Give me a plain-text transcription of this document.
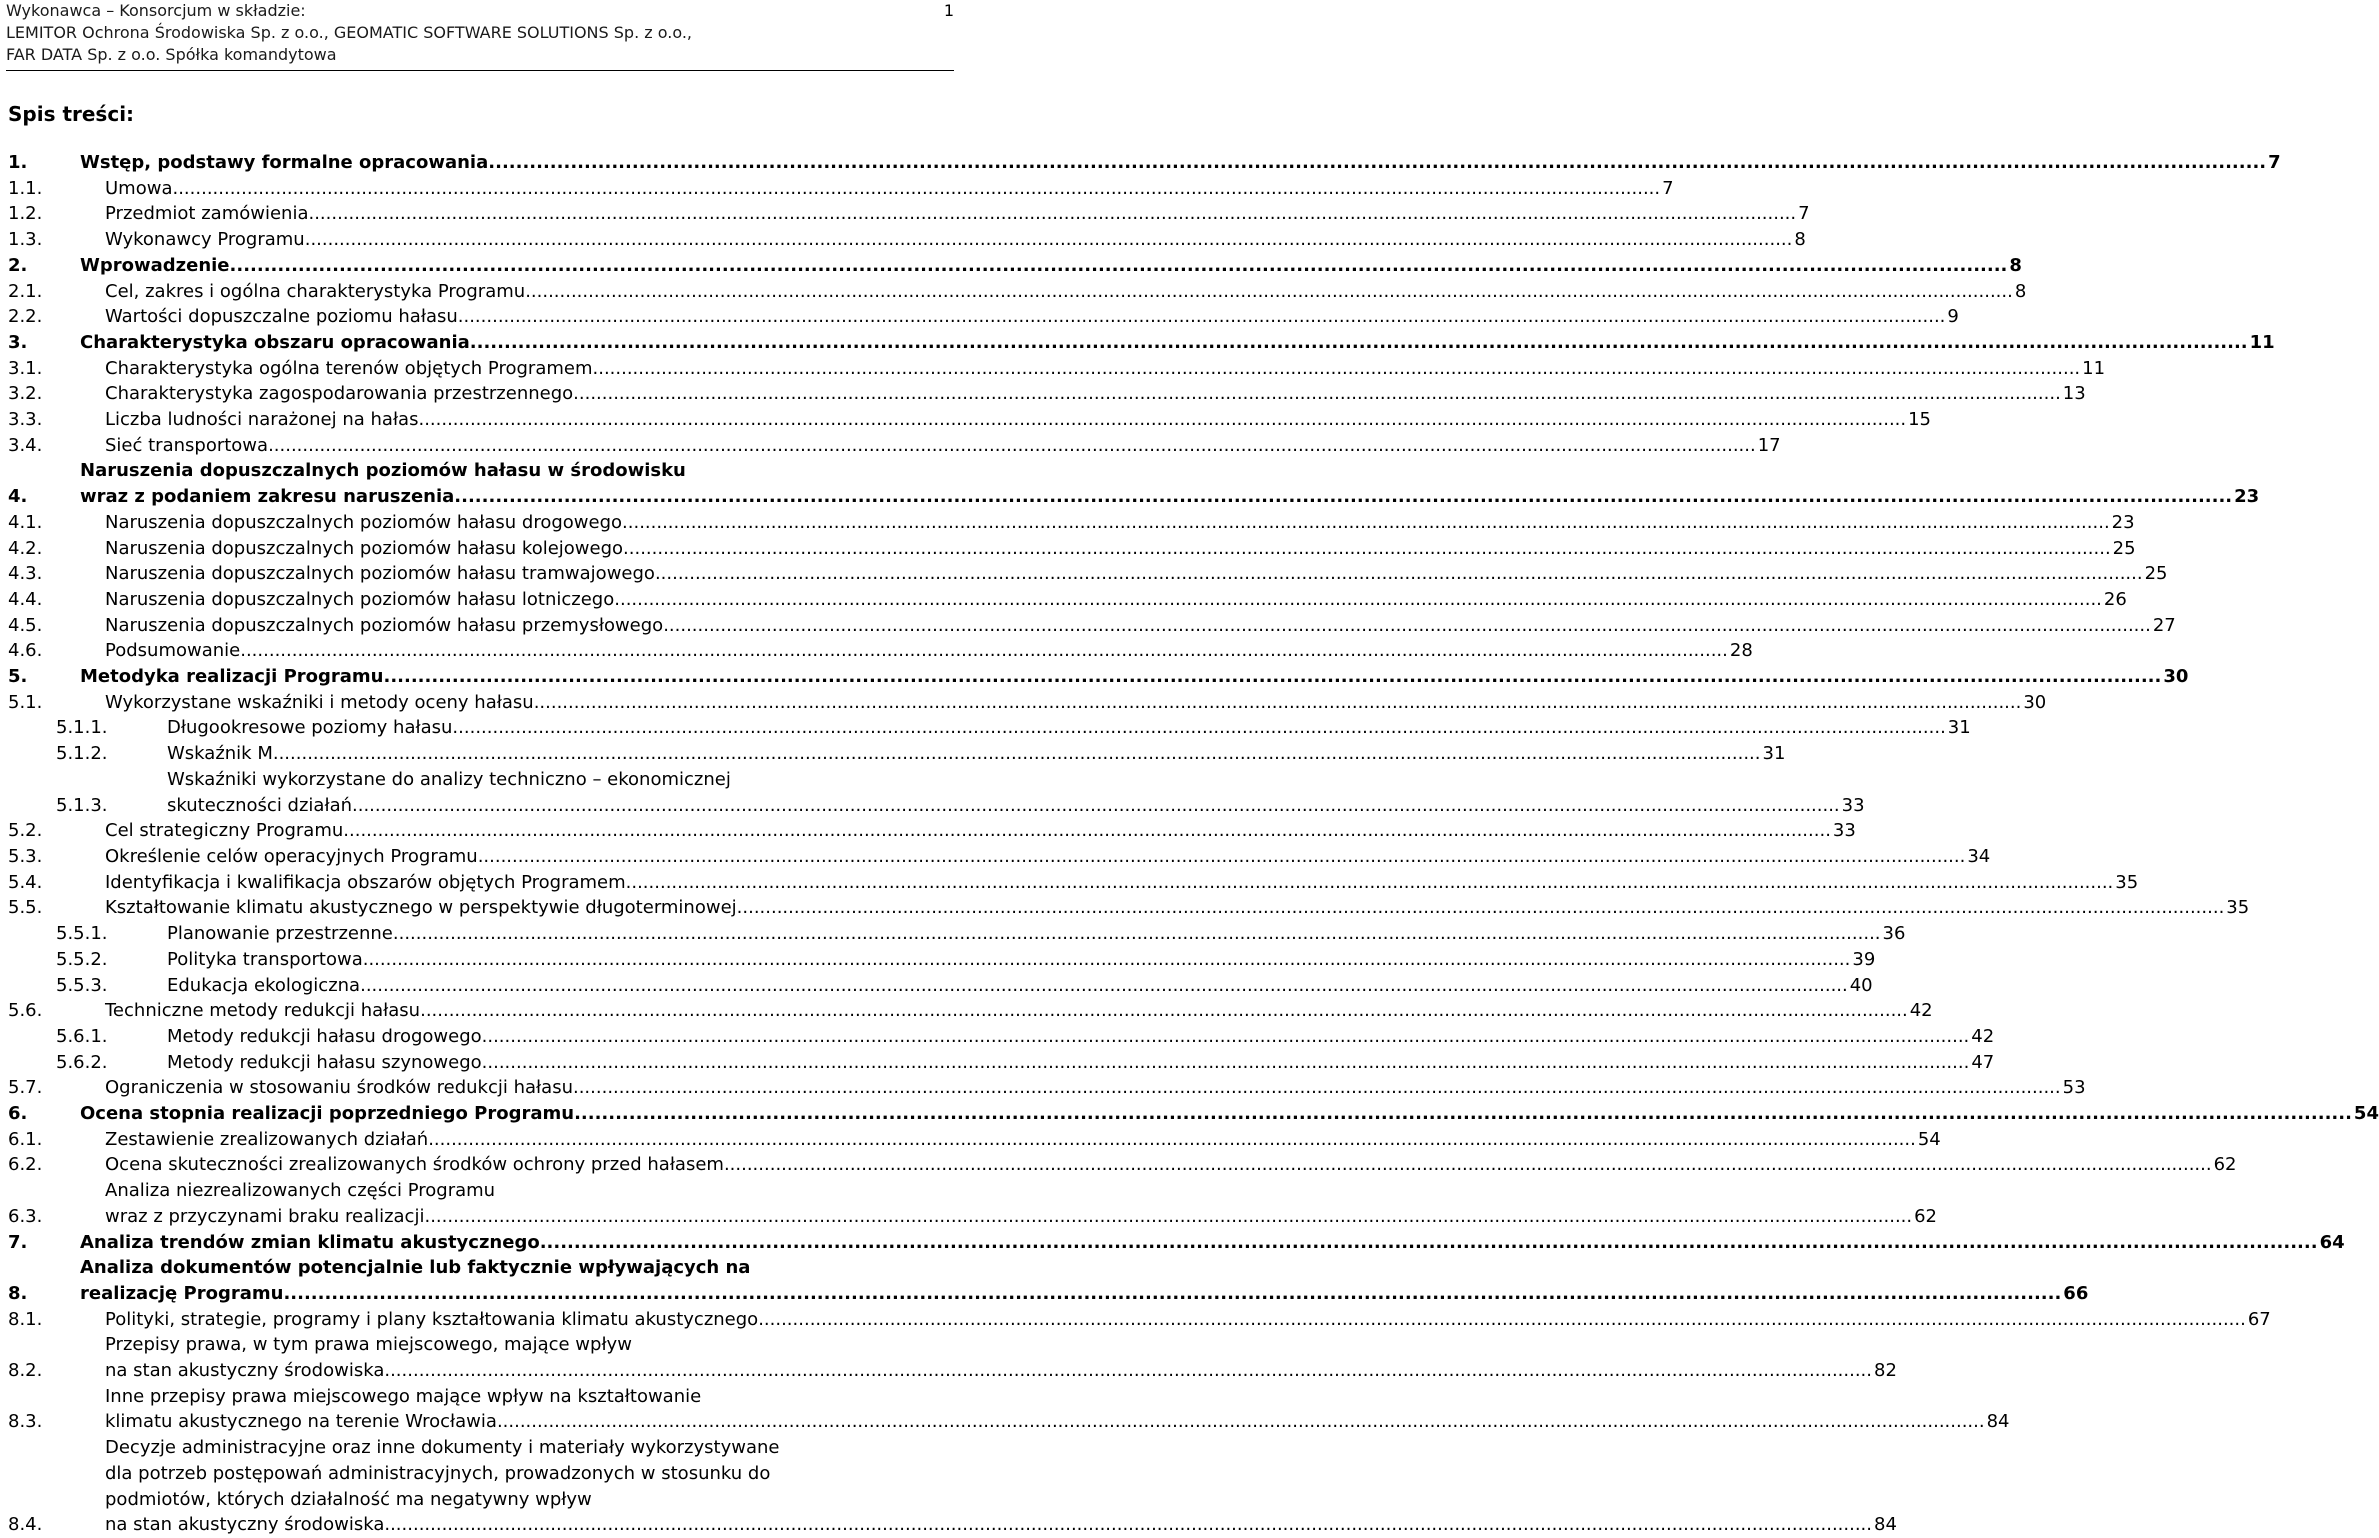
Wykonawca – Konsorcjum w składzie:
LEMITOR Ochrona Środowiska Sp. z o.o., GEOMATIC SOFTWARE SOLUTIONS Sp. z o.o.,
FAR DATA Sp. z o.o. Spółka komandytowa
1
Spis treści:
1.	Wstęp, podstawy formalne opracowania .....	7
1.1.	Umowa .....	7
1.2.	Przedmiot zamówienia .....	7
1.3.	Wykonawcy Programu .....	8
2.	Wprowadzenie .....	8
2.1.	Cel, zakres i ogólna charakterystyka Programu .....	8
2.2.	Wartości dopuszczalne poziomu hałasu .....	9
3.	Charakterystyka obszaru opracowania .....	11
3.1.	Charakterystyka ogólna terenów objętych Programem .....	11
3.2.	Charakterystyka zagospodarowania przestrzennego .....	13
3.3.	Liczba ludności narażonej na hałas .....	15
3.4.	Sieć transportowa .....	17
4.
Naruszenia dopuszczalnych poziomów hałasu w środowisku
wraz z podaniem zakresu naruszenia .....	23
4.1.	Naruszenia dopuszczalnych poziomów hałasu drogowego .....	23
4.2.	Naruszenia dopuszczalnych poziomów hałasu kolejowego .....	25
4.3.	Naruszenia dopuszczalnych poziomów hałasu tramwajowego .....	25
4.4.	Naruszenia dopuszczalnych poziomów hałasu lotniczego .....	26
4.5.	Naruszenia dopuszczalnych poziomów hałasu przemysłowego .....	27
4.6.	Podsumowanie .....	28
5.	Metodyka realizacji Programu .....	30
5.1.	Wykorzystane wskaźniki i metody oceny hałasu .....	30
5.1.1.	Długookresowe poziomy hałasu. .....	31
5.1.2.	Wskaźnik M .....	31
5.1.3.
Wskaźniki wykorzystane do analizy techniczno – ekonomicznej
skuteczności działań .....	33
5.2.	Cel strategiczny Programu .....	33
5.3.	Określenie celów operacyjnych Programu .....	34
5.4.	Identyfikacja i kwalifikacja obszarów objętych Programem .....	35
5.5.	Kształtowanie klimatu akustycznego w perspektywie długoterminowej .....	35
5.5.1.	Planowanie przestrzenne .....	36
5.5.2.	Polityka transportowa .....	39
5.5.3.	Edukacja ekologiczna .....	40
5.6.	Techniczne metody redukcji hałasu .....	42
5.6.1.	Metody redukcji hałasu drogowego .....	42
5.6.2.	Metody redukcji hałasu szynowego .....	47
5.7.	Ograniczenia w stosowaniu środków redukcji hałasu .....	53
6.	Ocena stopnia realizacji poprzedniego Programu .....	54
6.1.	Zestawienie zrealizowanych działań .....	54
6.2.	Ocena skuteczności zrealizowanych środków ochrony przed hałasem .....	62
6.3.
Analiza niezrealizowanych części Programu
wraz z przyczynami braku realizacji .....	62
7.	Analiza trendów zmian klimatu akustycznego .....	64
8.
Analiza dokumentów potencjalnie lub faktycznie wpływających na
realizację Programu .....	66
8.1.	Polityki, strategie, programy i plany kształtowania klimatu akustycznego .....	67
8.2.
Przepisy prawa, w tym prawa miejscowego, mające wpływ
na stan akustyczny środowiska .....	82
8.3.
Inne przepisy prawa miejscowego mające wpływ na kształtowanie
klimatu akustycznego na terenie Wrocławia .....	84
8.4.
Decyzje administracyjne oraz inne dokumenty i materiały wykorzystywane
dla potrzeb postępowań administracyjnych, prowadzonych w stosunku do
podmiotów, których działalność ma negatywny wpływ
na stan akustyczny środowiska .....	84
